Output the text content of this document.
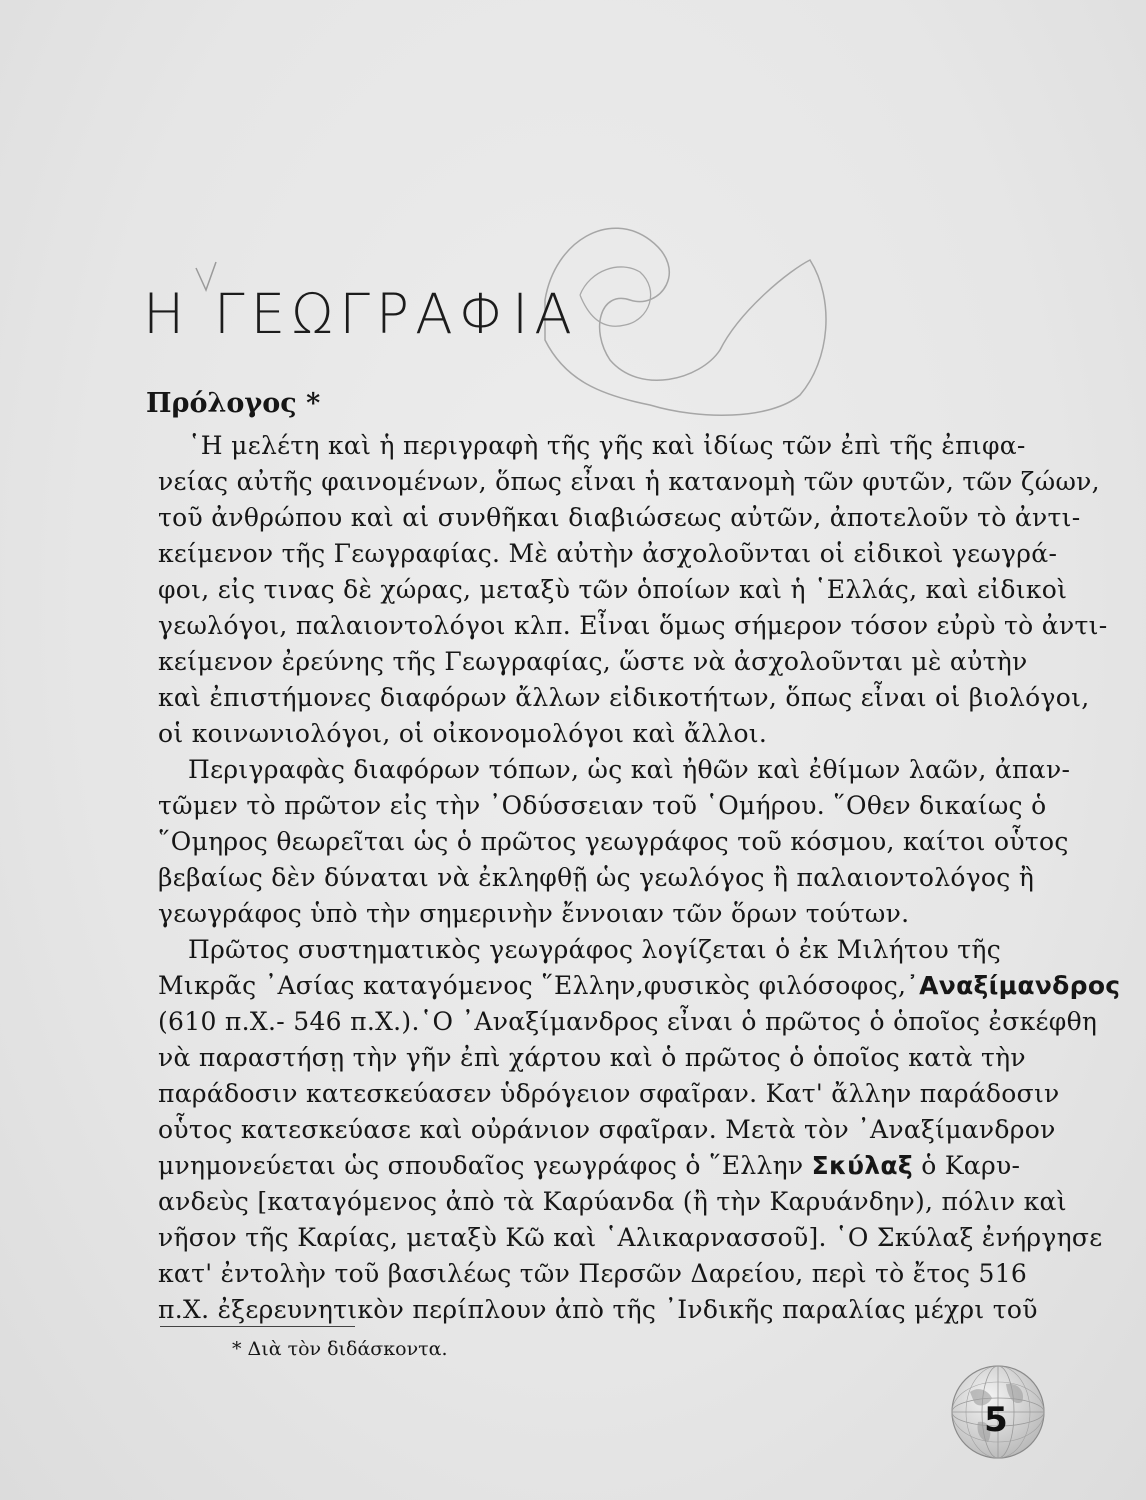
Η ΓΕΩΓΡΑΦΙΑ
Πρόλογος *
῾Η μελέτη καὶ ἡ περιγραφὴ τῆς γῆς καὶ ἰδίως τῶν ἐπὶ τῆς ἐπιφα-
νείας αὐτῆς φαινομένων, ὅπως εἶναι ἡ κατανομὴ τῶν φυτῶν, τῶν ζώων,
τοῦ ἀνθρώπου καὶ αἱ συνθῆκαι διαβιώσεως αὐτῶν, ἀποτελοῦν τὸ ἀντι-
κείμενον τῆς Γεωγραφίας. Μὲ αὐτὴν ἀσχολοῦνται οἱ εἰδικοὶ γεωγρά-
φοι, εἰς τινας δὲ χώρας, μεταξὺ τῶν ὁποίων καὶ ἡ ῾Ελλάς, καὶ εἰδικοὶ
γεωλόγοι, παλαιοντολόγοι κλπ. Εἶναι ὅμως σήμερον τόσον εὐρὺ τὸ ἀντι-
κείμενον ἐρεύνης τῆς Γεωγραφίας, ὥστε νὰ ἀσχολοῦνται μὲ αὐτὴν
καὶ ἐπιστήμονες διαφόρων ἄλλων εἰδικοτήτων, ὅπως εἶναι οἱ βιολόγοι,
οἱ κοινωνιολόγοι, οἱ οἰκονομολόγοι καὶ ἄλλοι.
Περιγραφὰς διαφόρων τόπων, ὡς καὶ ἠθῶν καὶ ἐθίμων λαῶν, ἀπαν-
τῶμεν τὸ πρῶτον εἰς τὴν ᾿Οδύσσειαν τοῦ ῾Ομήρου. ῞Οθεν δικαίως ὁ
῞Ομηρος θεωρεῖται ὡς ὁ πρῶτος γεωγράφος τοῦ κόσμου, καίτοι οὗτος
βεβαίως δὲν δύναται νὰ ἐκληφθῇ ὡς γεωλόγος ἢ παλαιοντολόγος ἢ
γεωγράφος ὑπὸ τὴν σημερινὴν ἔννοιαν τῶν ὅρων τούτων.
Πρῶτος συστηματικὸς γεωγράφος λογίζεται ὁ ἐκ Μιλήτου τῆς
Μικρᾶς ᾿Ασίας καταγόμενος ῞Ελλην,φυσικὸς φιλόσοφος,᾿Αναξίμανδρος
(610 π.Χ.- 546 π.Χ.).῾Ο ᾿Αναξίμανδρος εἶναι ὁ πρῶτος ὁ ὁποῖος ἐσκέφθη
νὰ παραστήσῃ τὴν γῆν ἐπὶ χάρτου καὶ ὁ πρῶτος ὁ ὁποῖος κατὰ τὴν
παράδοσιν κατεσκεύασεν ὑδρόγειον σφαῖραν. Κατ' ἄλλην παράδοσιν
οὗτος κατεσκεύασε καὶ οὐράνιον σφαῖραν. Μετὰ τὸν ᾿Αναξίμανδρον
μνημονεύεται ὡς σπουδαῖος γεωγράφος ὁ ῞Ελλην Σκύλαξ ὁ Καρυ-
ανδεὺς [καταγόμενος ἀπὸ τὰ Καρύανδα (ἢ τὴν Καρυάνδην), πόλιν καὶ
νῆσον τῆς Καρίας, μεταξὺ Κῶ καὶ ῾Αλικαρνασσοῦ]. ῾Ο Σκύλαξ ἐνήργησε
κατ' ἐντολὴν τοῦ βασιλέως τῶν Περσῶν Δαρείου, περὶ τὸ ἔτος 516
π.Χ. ἐξερευνητικὸν περίπλουν ἀπὸ τῆς ᾿Ινδικῆς παραλίας μέχρι τοῦ
* Διὰ τὸν διδάσκοντα.
5
